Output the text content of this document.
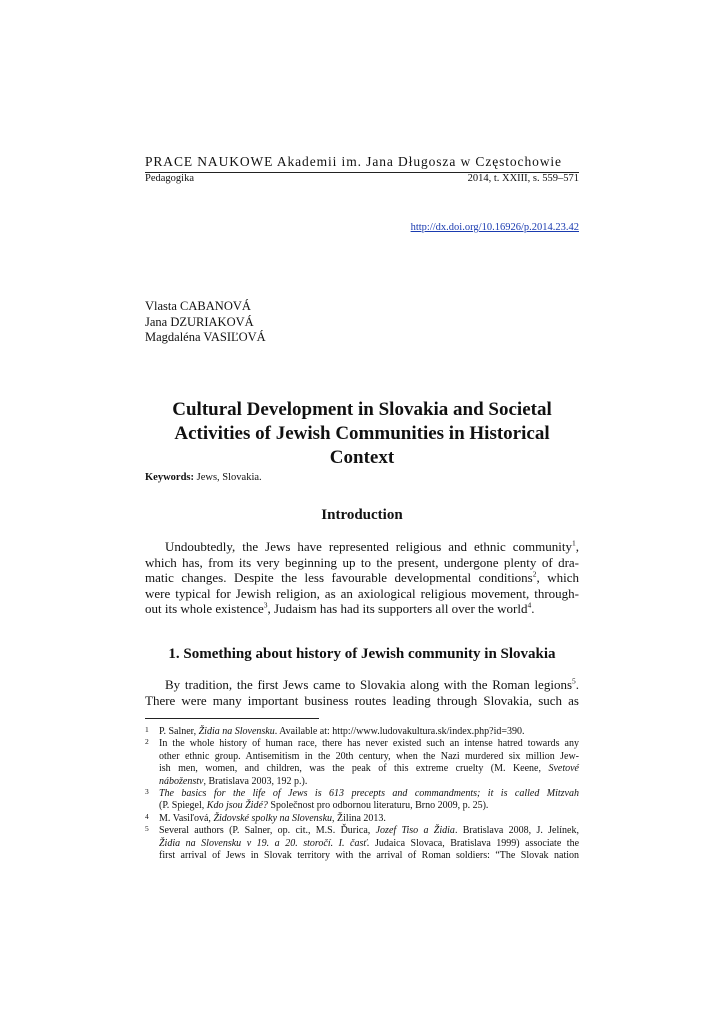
PRACE NAUKOWE Akademii im. Jana Długosza w Częstochowie
Pedagogika	2014, t. XXIII, s. 559–571
http://dx.doi.org/10.16926/p.2014.23.42
Vlasta CABANOVÁ
Jana DZURIAKOVÁ
Magdaléna VASIĽOVÁ
Cultural Development in Slovakia and Societal
Activities of Jewish Communities in Historical Context
Keywords: Jews, Slovakia.
Introduction
Undoubtedly, the Jews have represented religious and ethnic community$^1$,
which has, from its very beginning up to the present, undergone plenty of dra-
matic changes. Despite the less favourable developmental conditions$^2$, which
were typical for Jewish religion, as an axiological religious movement, through-
out its whole existence$^3$, Judaism has had its supporters all over the world$^4$.
1. Something about history of Jewish community in Slovakia
By tradition, the first Jews came to Slovakia along with the Roman legions$^5$.
There were many important business routes leading through Slovakia, such as
1 P. Salner, Židia na Slovensku. Available at: http://www.ludovakultura.sk/index.php?id=390.
2 In the whole history of human race, there has never existed such an intense hatred towards any
other ethnic group. Antisemitism in the 20th century, when the Nazi murdered six million Jew-
ish men, women, and children, was the peak of this extreme cruelty (M. Keene, Svetové
náboženstv, Bratislava 2003, 192 p.).
3 The basics for the life of Jews is 613 precepts and commandments; it is called Mitzvah
(P. Spiegel, Kdo jsou Židé? Společnost pro odbornou literaturu, Brno 2009, p. 25).
4 M. Vasiľová, Židovské spolky na Slovensku, Žilina 2013.
5 Several authors (P. Salner, op. cit., M.S. Ďurica, Jozef Tiso a Židia. Bratislava 2008, J. Jelínek,
Židia na Slovensku v 19. a 20. storočí. I. časť. Judaica Slovaca, Bratislava 1999) associate the
first arrival of Jews in Slovak territory with the arrival of Roman soldiers: “The Slovak nation
